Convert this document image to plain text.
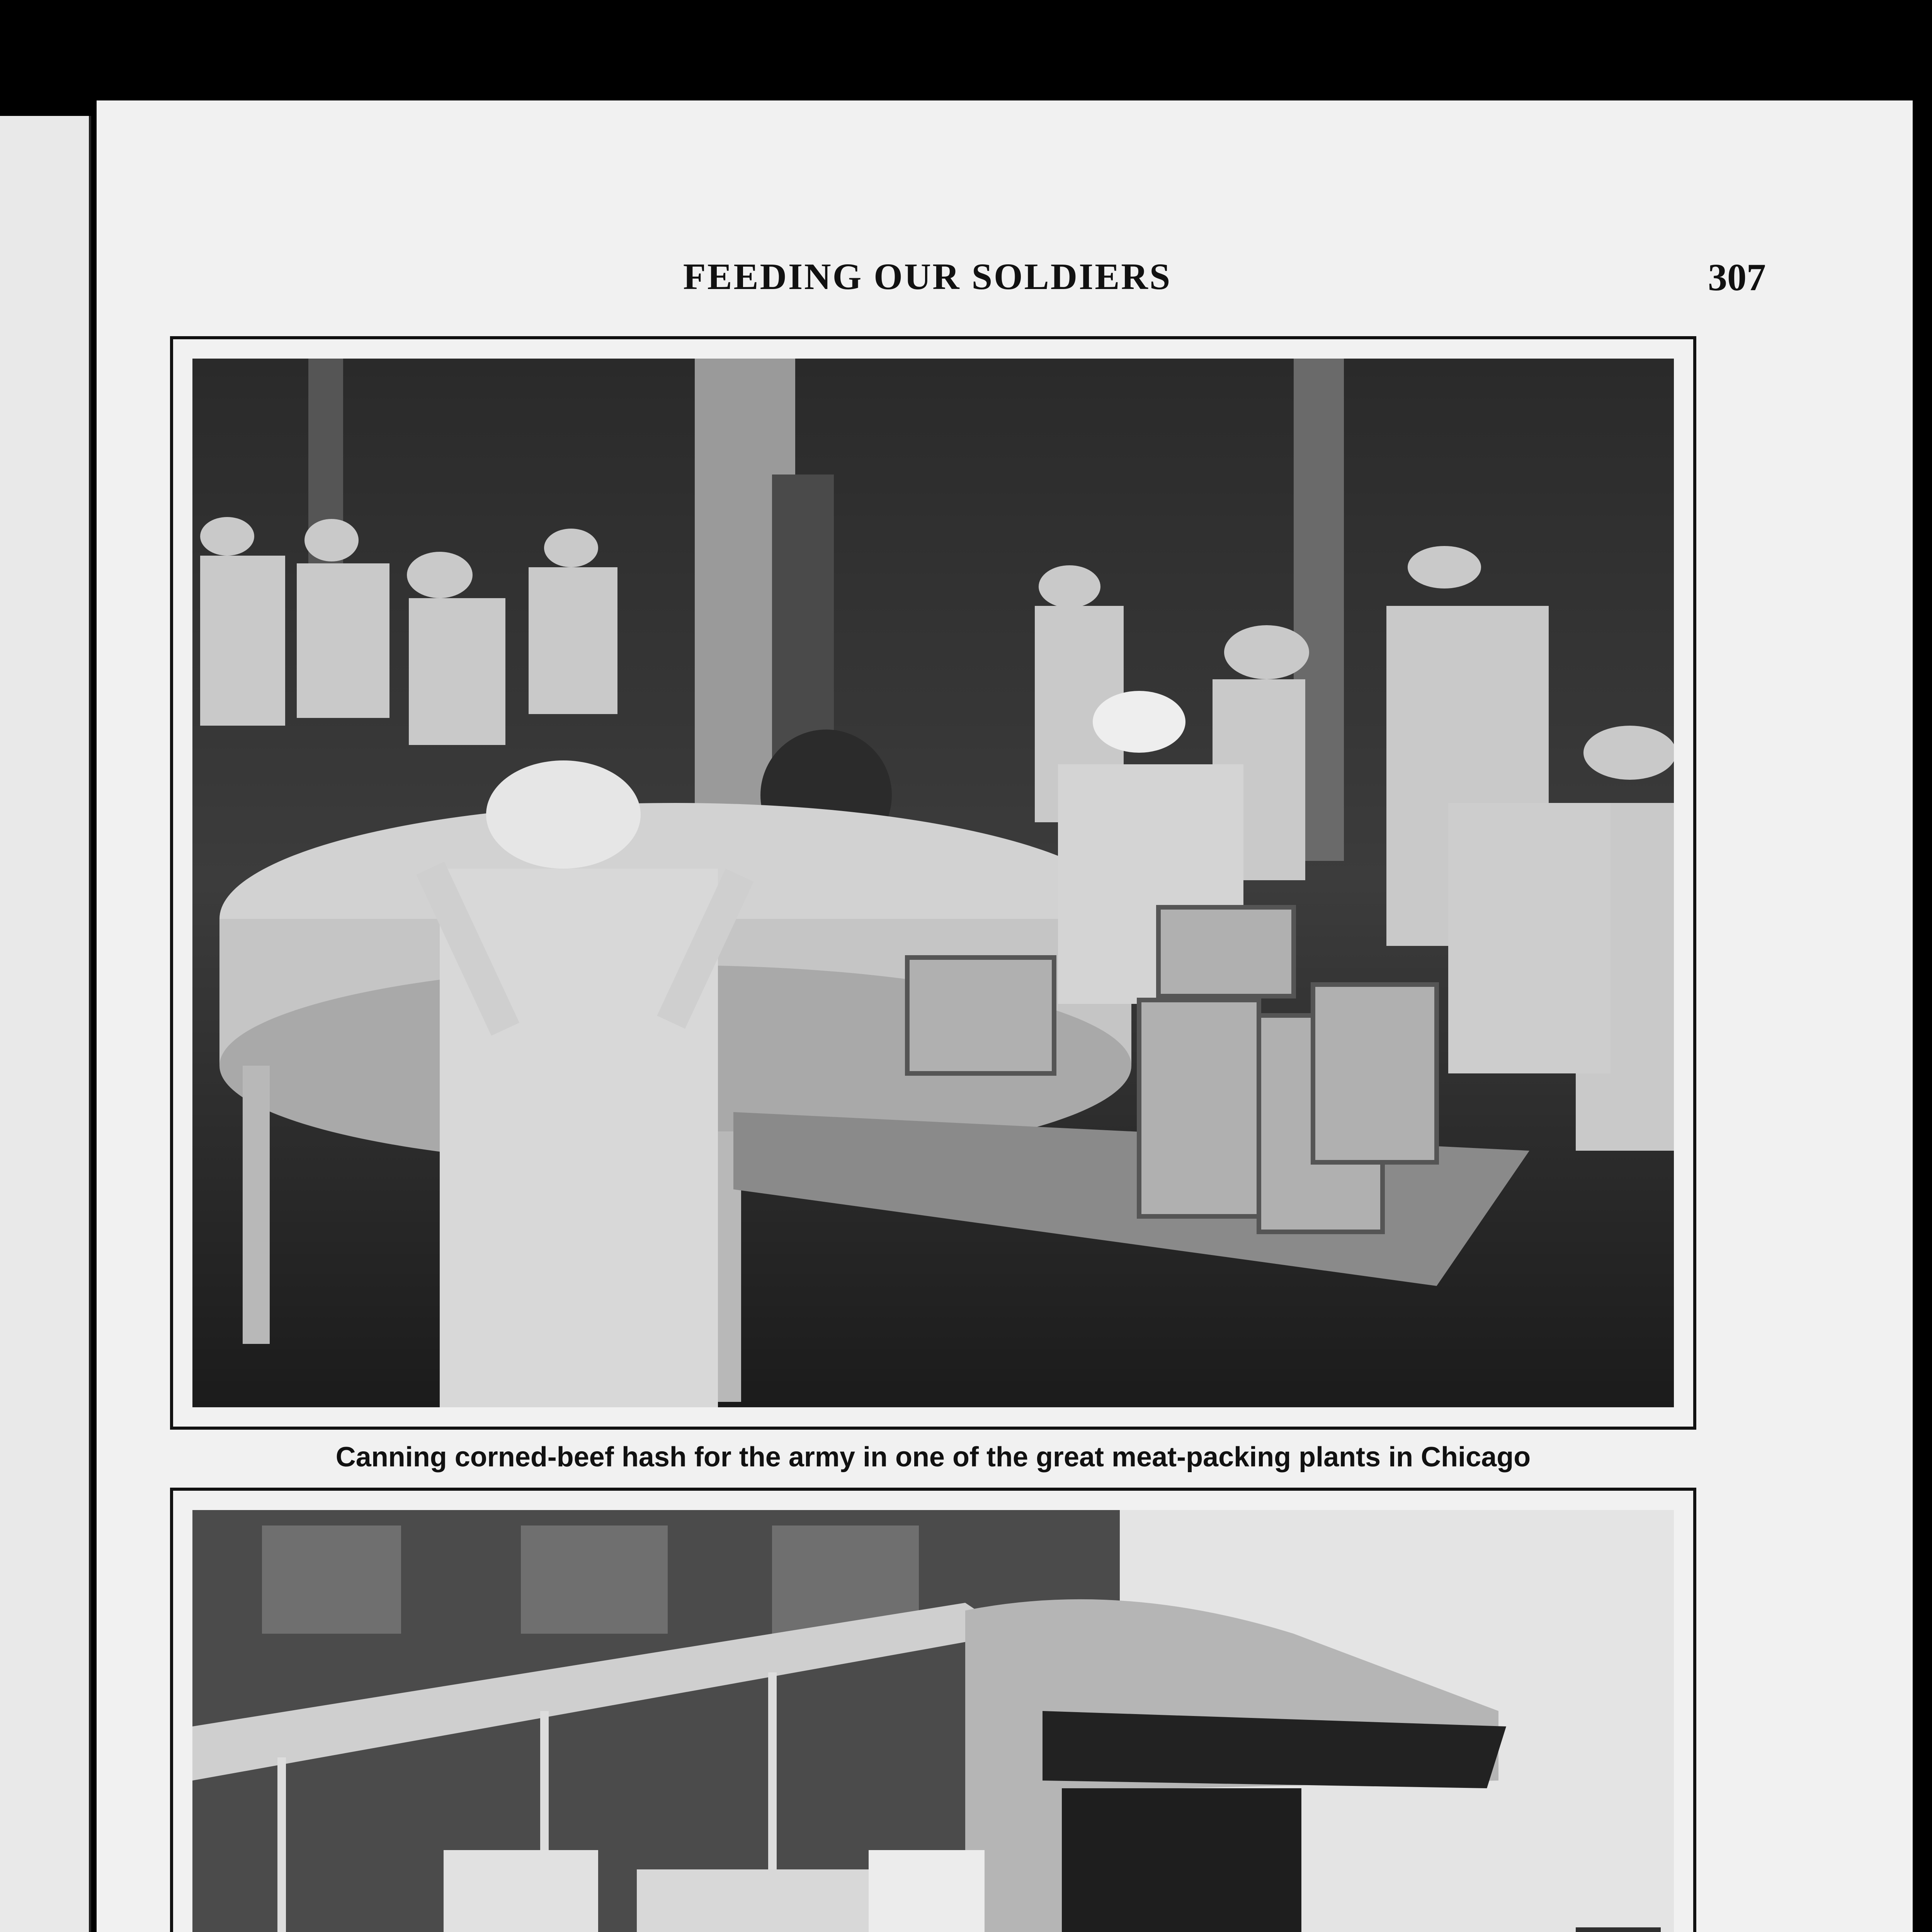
FEEDING OUR SOLDIERS	307
Canning corned-beef hash for the army in one of the great meat-packing plants in Chicago
